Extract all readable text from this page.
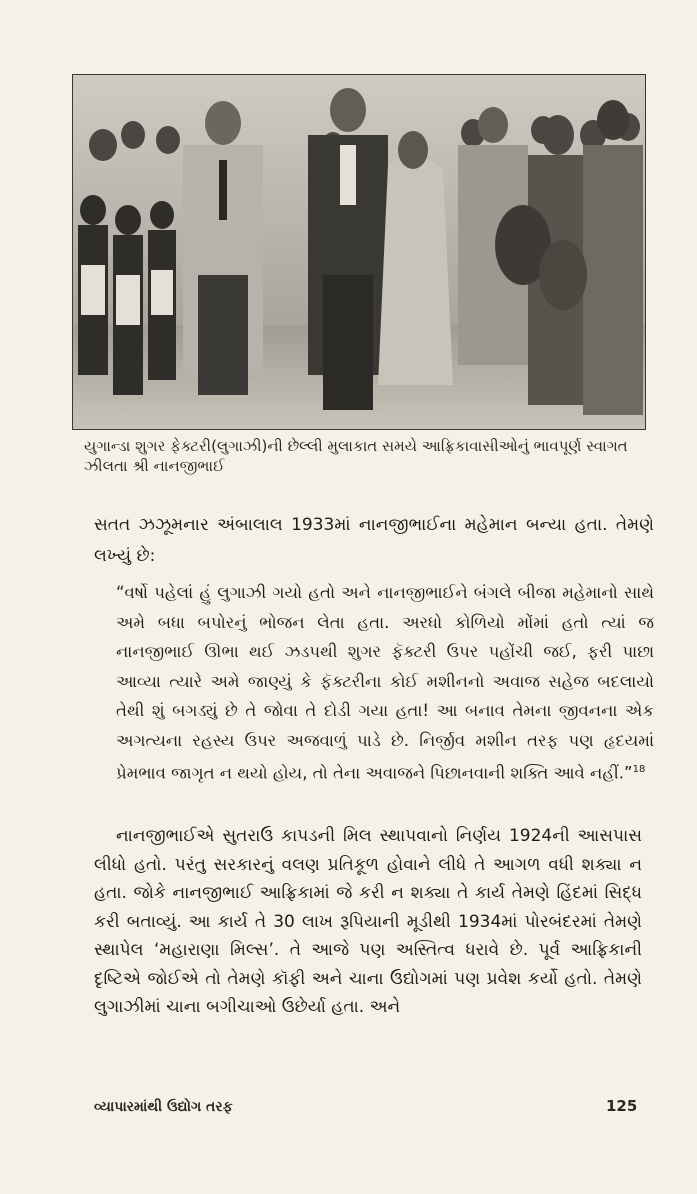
યુગાન્ડા શુગર ફેક્ટરી(લુગાઝી)ની છેલ્લી મુલાકાત સમયે આફ્રિકાવાસીઓનું ભાવપૂર્ણ સ્વાગત ઝીલતા શ્રી નાનજીભાઈ
સતત ઝઝૂમનાર અંબાલાલ 1933માં નાનજીભાઈના મહેમાન બન્યા હતા. તેમણે લખ્યું છે:
“વર્ષો પહેલાં હું લુગાઝી ગયો હતો અને નાનજીભાઈને બંગલે બીજા મહેમાનો સાથે અમે બધા બપોરનું ભોજન લેતા હતા. અરધો કોળિયો મોંમાં હતો ત્યાં જ નાનજીભાઈ ઊભા થઈ ઝડપથી શુગર ફૅક્ટરી ઉપર પહોંચી જઈ, ફરી પાછા આવ્યા ત્યારે અમે જાણ્યું કે ફૅક્ટરીના કોઈ મશીનનો અવાજ સહેજ બદલાયો તેથી શું બગડ્યું છે તે જોવા તે દોડી ગયા હતા! આ બનાવ તેમના જીવનના એક અગત્યના રહસ્ય ઉપર અજવાળું પાડે છે. નિર્જીવ મશીન તરફ પણ હૃદયમાં પ્રેમભાવ જાગૃત ન થયો હોય, તો તેના અવાજને પિછાનવાની શક્તિ આવે નહીં.”$^{18}$
નાનજીભાઈએ સુતરાઉ કાપડની મિલ સ્થાપવાનો નિર્ણય 1924ની આસપાસ લીધો હતો. પરંતુ સરકારનું વલણ પ્રતિકૂળ હોવાને લીધે તે આગળ વધી શક્યા ન હતા. જોકે નાનજીભાઈ આફ્રિકામાં જે કરી ન શક્યા તે કાર્ય તેમણે હિંદમાં સિદ્ધ કરી બતાવ્યું. આ કાર્ય તે 30 લાખ રૂપિયાની મૂડીથી 1934માં પોરબંદરમાં તેમણે સ્થાપેલ ‘મહારાણા મિલ્સ’. તે આજે પણ અસ્તિત્વ ધરાવે છે. પૂર્વ આફ્રિકાની દૃષ્ટિએ જોઈએ તો તેમણે કૉફી અને ચાના ઉદ્યોગમાં પણ પ્રવેશ કર્યો હતો. તેમણે લુગાઝીમાં ચાના બગીચાઓ ઉછેર્યા હતા. અને
વ્યાપારમાંથી ઉદ્યોગ તરફ	125
